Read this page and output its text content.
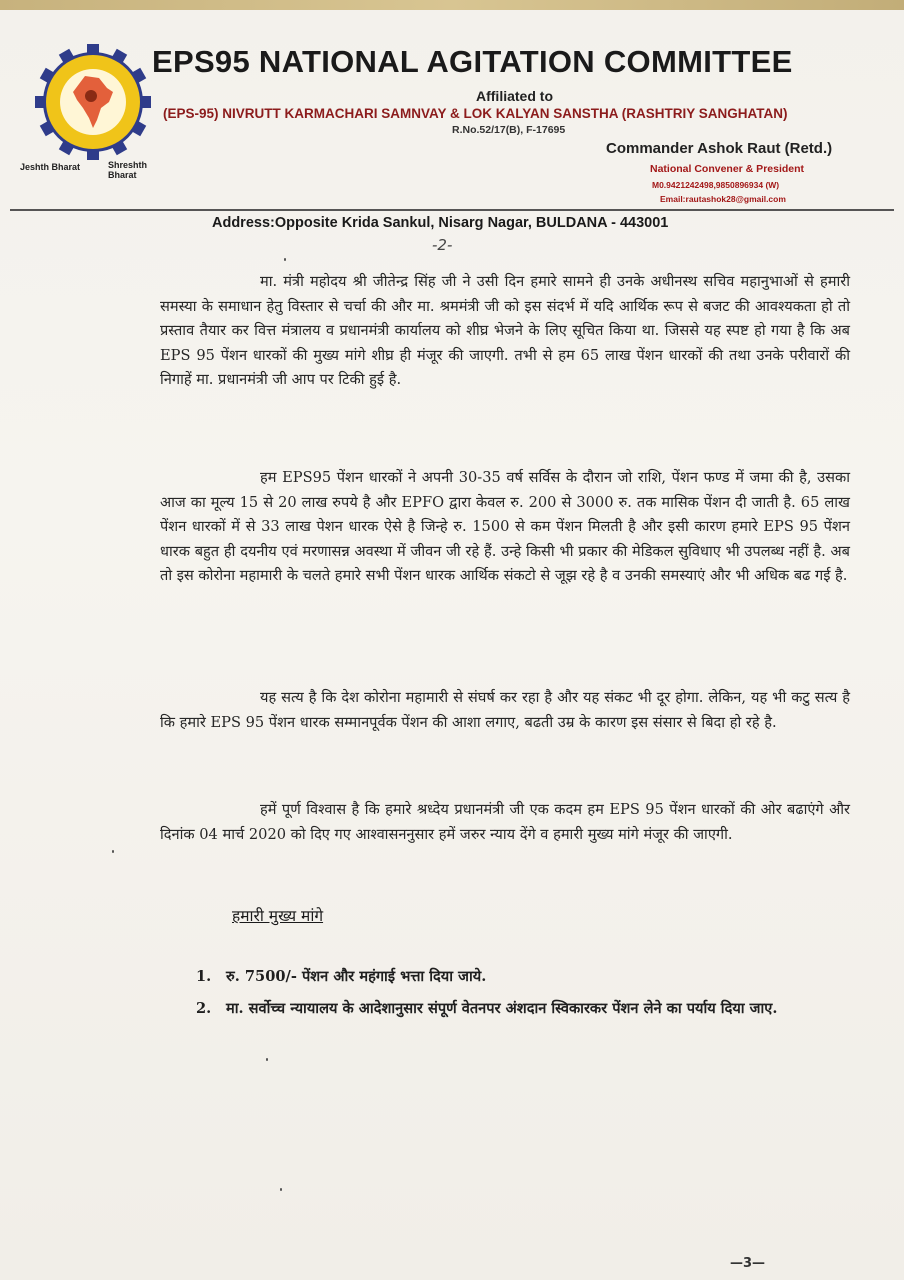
Jeshth Bharat	Shreshth Bharat
EPS95 NATIONAL AGITATION COMMITTEE
Affiliated to
(EPS-95) NIVRUTT KARMACHARI SAMNVAY & LOK KALYAN SANSTHA (RASHTRIY SANGHATAN)
R.No.52/17(B), F-17695
Commander Ashok Raut (Retd.)
National Convener & President
M0.9421242498,9850896934 (W)
Email:rautashok28@gmail.com
Address:Opposite Krida Sankul, Nisarg Nagar, BULDANA - 443001
-2-

मा. मंत्री महोदय श्री जीतेन्द्र सिंह जी ने उसी दिन हमारे सामने ही उनके अधीनस्थ सचिव महानुभाओं से हमारी समस्या के समाधान हेतु विस्तार से चर्चा की और मा. श्रममंत्री जी को इस संदर्भ में यदि आर्थिक रूप से बजट की आवश्यकता हो तो प्रस्ताव तैयार कर वित्त मंत्रालय व प्रधानमंत्री कार्यालय को शीघ्र भेजने के लिए सूचित किया था. जिससे यह स्पष्ट हो गया है कि अब EPS 95 पेंशन धारकों की मुख्य मांगे शीघ्र ही मंजूर की जाएगी. तभी से हम 65 लाख पेंशन धारकों की तथा उनके परीवारों की निगाहें मा. प्रधानमंत्री जी आप पर टिकी हुई है.

हम EPS95 पेंशन धारकों ने अपनी 30-35 वर्ष सर्विस के दौरान जो राशि, पेंशन फण्ड में जमा की है, उसका आज का मूल्य 15 से 20 लाख रुपये है और EPFO द्वारा केवल रु. 200 से 3000 रु. तक मासिक पेंशन दी जाती है. 65 लाख पेंशन धारकों में से 33 लाख पेशन धारक ऐसे है जिन्हे रु. 1500 से कम पेंशन मिलती है और इसी कारण हमारे EPS 95 पेंशन धारक बहुत ही दयनीय एवं मरणासन्न अवस्था में जीवन जी रहे हैं. उन्हे किसी भी प्रकार की मेडिकल सुविधाए भी उपलब्ध नहीं है. अब तो इस कोरोना महामारी के चलते हमारे सभी पेंशन धारक आर्थिक संकटो से जूझ रहे है व उनकी समस्याएं और भी अधिक बढ गई है.

यह सत्य है कि देश कोरोना महामारी से संघर्ष कर रहा है और यह संकट भी दूर होगा. लेकिन, यह भी कटु सत्य है कि हमारे EPS 95 पेंशन धारक सम्मानपूर्वक पेंशन की आशा लगाए, बढती उम्र के कारण इस संसार से बिदा हो रहे है.

हमें पूर्ण विश्वास है कि हमारे श्रध्देय प्रधानमंत्री जी एक कदम हम EPS 95 पेंशन धारकों की ओर बढाएंगे और दिनांक 04 मार्च 2020 को दिए गए आश्वासननुसार हमें जरुर न्याय देंगे व हमारी मुख्य मांगे मंजूर की जाएगी.

हमारी मुख्य मांगे
1. रु. 7500/- पेंशन और महंगाई भत्ता दिया जाये.
2. मा. सर्वोच्च न्यायालय के आदेशानुसार संपूर्ण वेतनपर अंशदान स्विकारकर पेंशन लेने का पर्याय दिया जाए.
—3—
